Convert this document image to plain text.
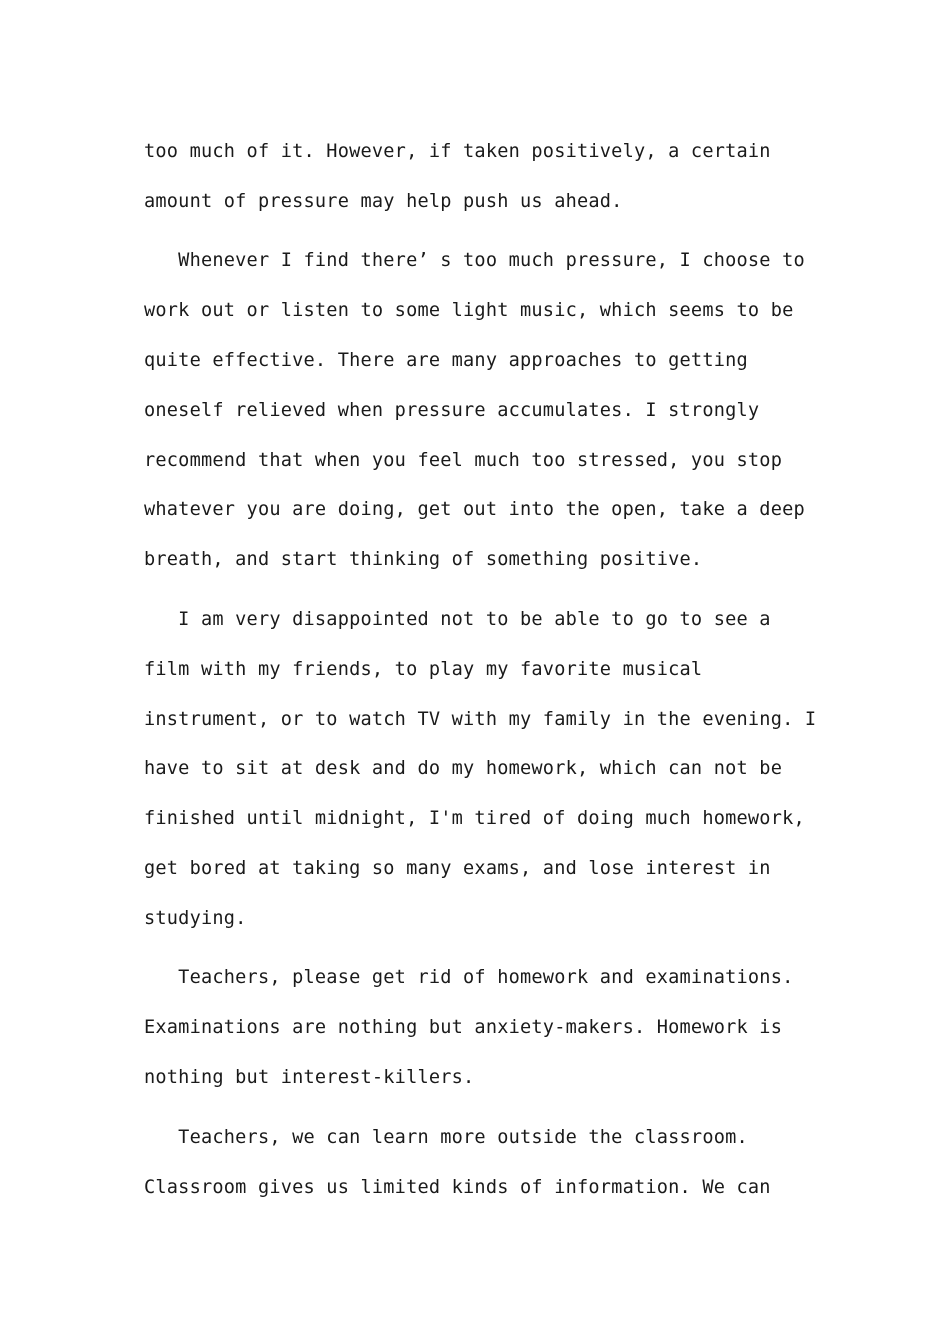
too much of it. However, if taken positively, a certain
amount of pressure may help push us ahead.
Whenever I find there’ s too much pressure, I choose to
work out or listen to some light music, which seems to be
quite effective. There are many approaches to getting
oneself relieved when pressure accumulates. I strongly
recommend that when you feel much too stressed, you stop
whatever you are doing, get out into the open, take a deep
breath, and start thinking of something positive.
I am very disappointed not to be able to go to see a
film with my friends, to play my favorite musical
instrument, or to watch TV with my family in the evening. I
have to sit at desk and do my homework, which can not be
finished until midnight, I'm tired of doing much homework,
get bored at taking so many exams, and lose interest in
studying.
Teachers, please get rid of homework and examinations.
Examinations are nothing but anxiety-makers. Homework is
nothing but interest-killers.
Teachers, we can learn more outside the classroom.
Classroom gives us limited kinds of information. We can
